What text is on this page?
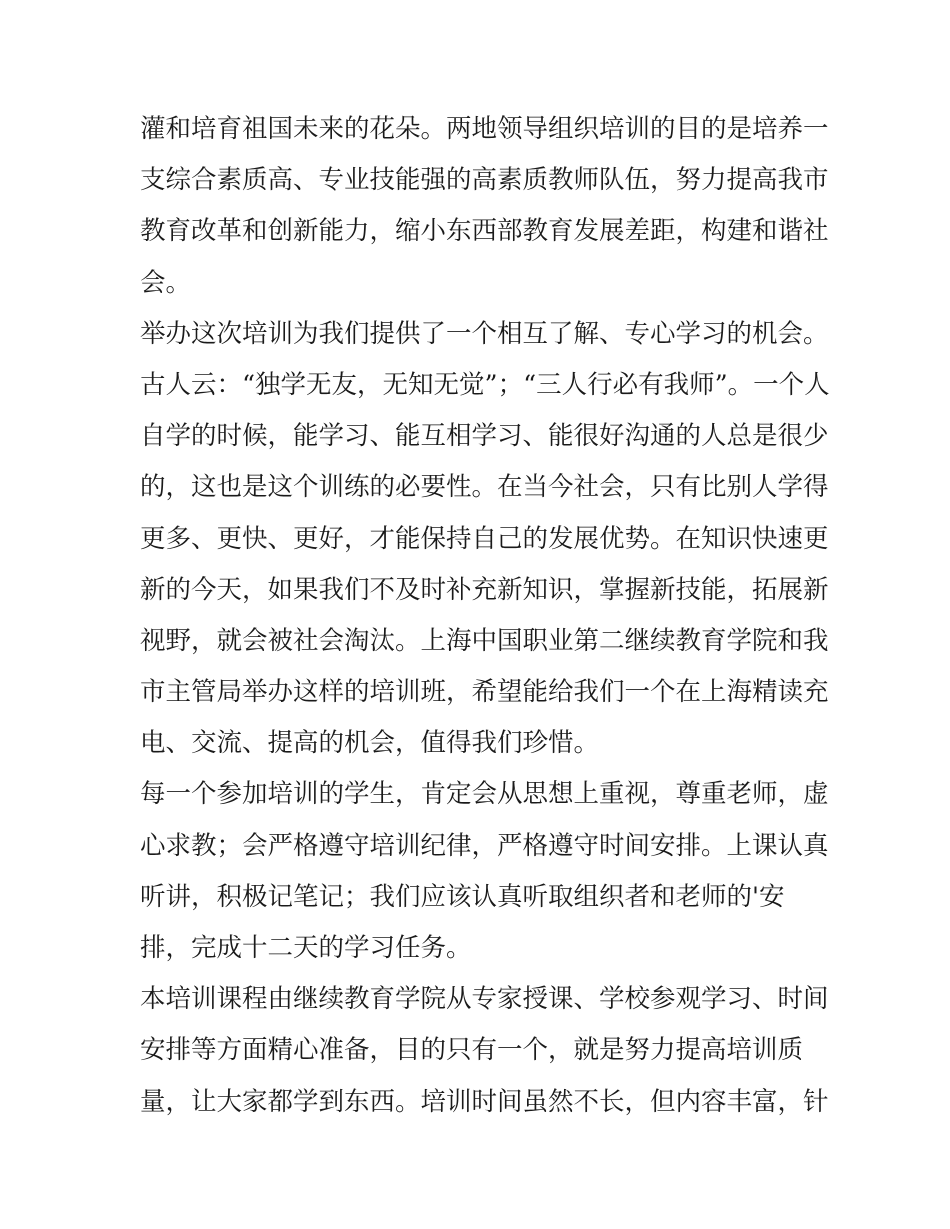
灌和培育祖国未来的花朵。两地领导组织培训的目的是培养一
支综合素质高、专业技能强的高素质教师队伍，努力提高我市
教育改革和创新能力，缩小东西部教育发展差距，构建和谐社
会。
举办这次培训为我们提供了一个相互了解、专心学习的机会。
古人云：“独学无友，无知无觉”；“三人行必有我师”。一个人
自学的时候，能学习、能互相学习、能很好沟通的人总是很少
的，这也是这个训练的必要性。在当今社会，只有比别人学得
更多、更快、更好，才能保持自己的发展优势。在知识快速更
新的今天，如果我们不及时补充新知识，掌握新技能，拓展新
视野，就会被社会淘汰。上海中国职业第二继续教育学院和我
市主管局举办这样的培训班，希望能给我们一个在上海精读充
电、交流、提高的机会，值得我们珍惜。
每一个参加培训的学生，肯定会从思想上重视，尊重老师，虚
心求教；会严格遵守培训纪律，严格遵守时间安排。上课认真
听讲，积极记笔记；我们应该认真听取组织者和老师的'安
排，完成十二天的学习任务。
本培训课程由继续教育学院从专家授课、学校参观学习、时间
安排等方面精心准备，目的只有一个，就是努力提高培训质
量，让大家都学到东西。培训时间虽然不长，但内容丰富，针
